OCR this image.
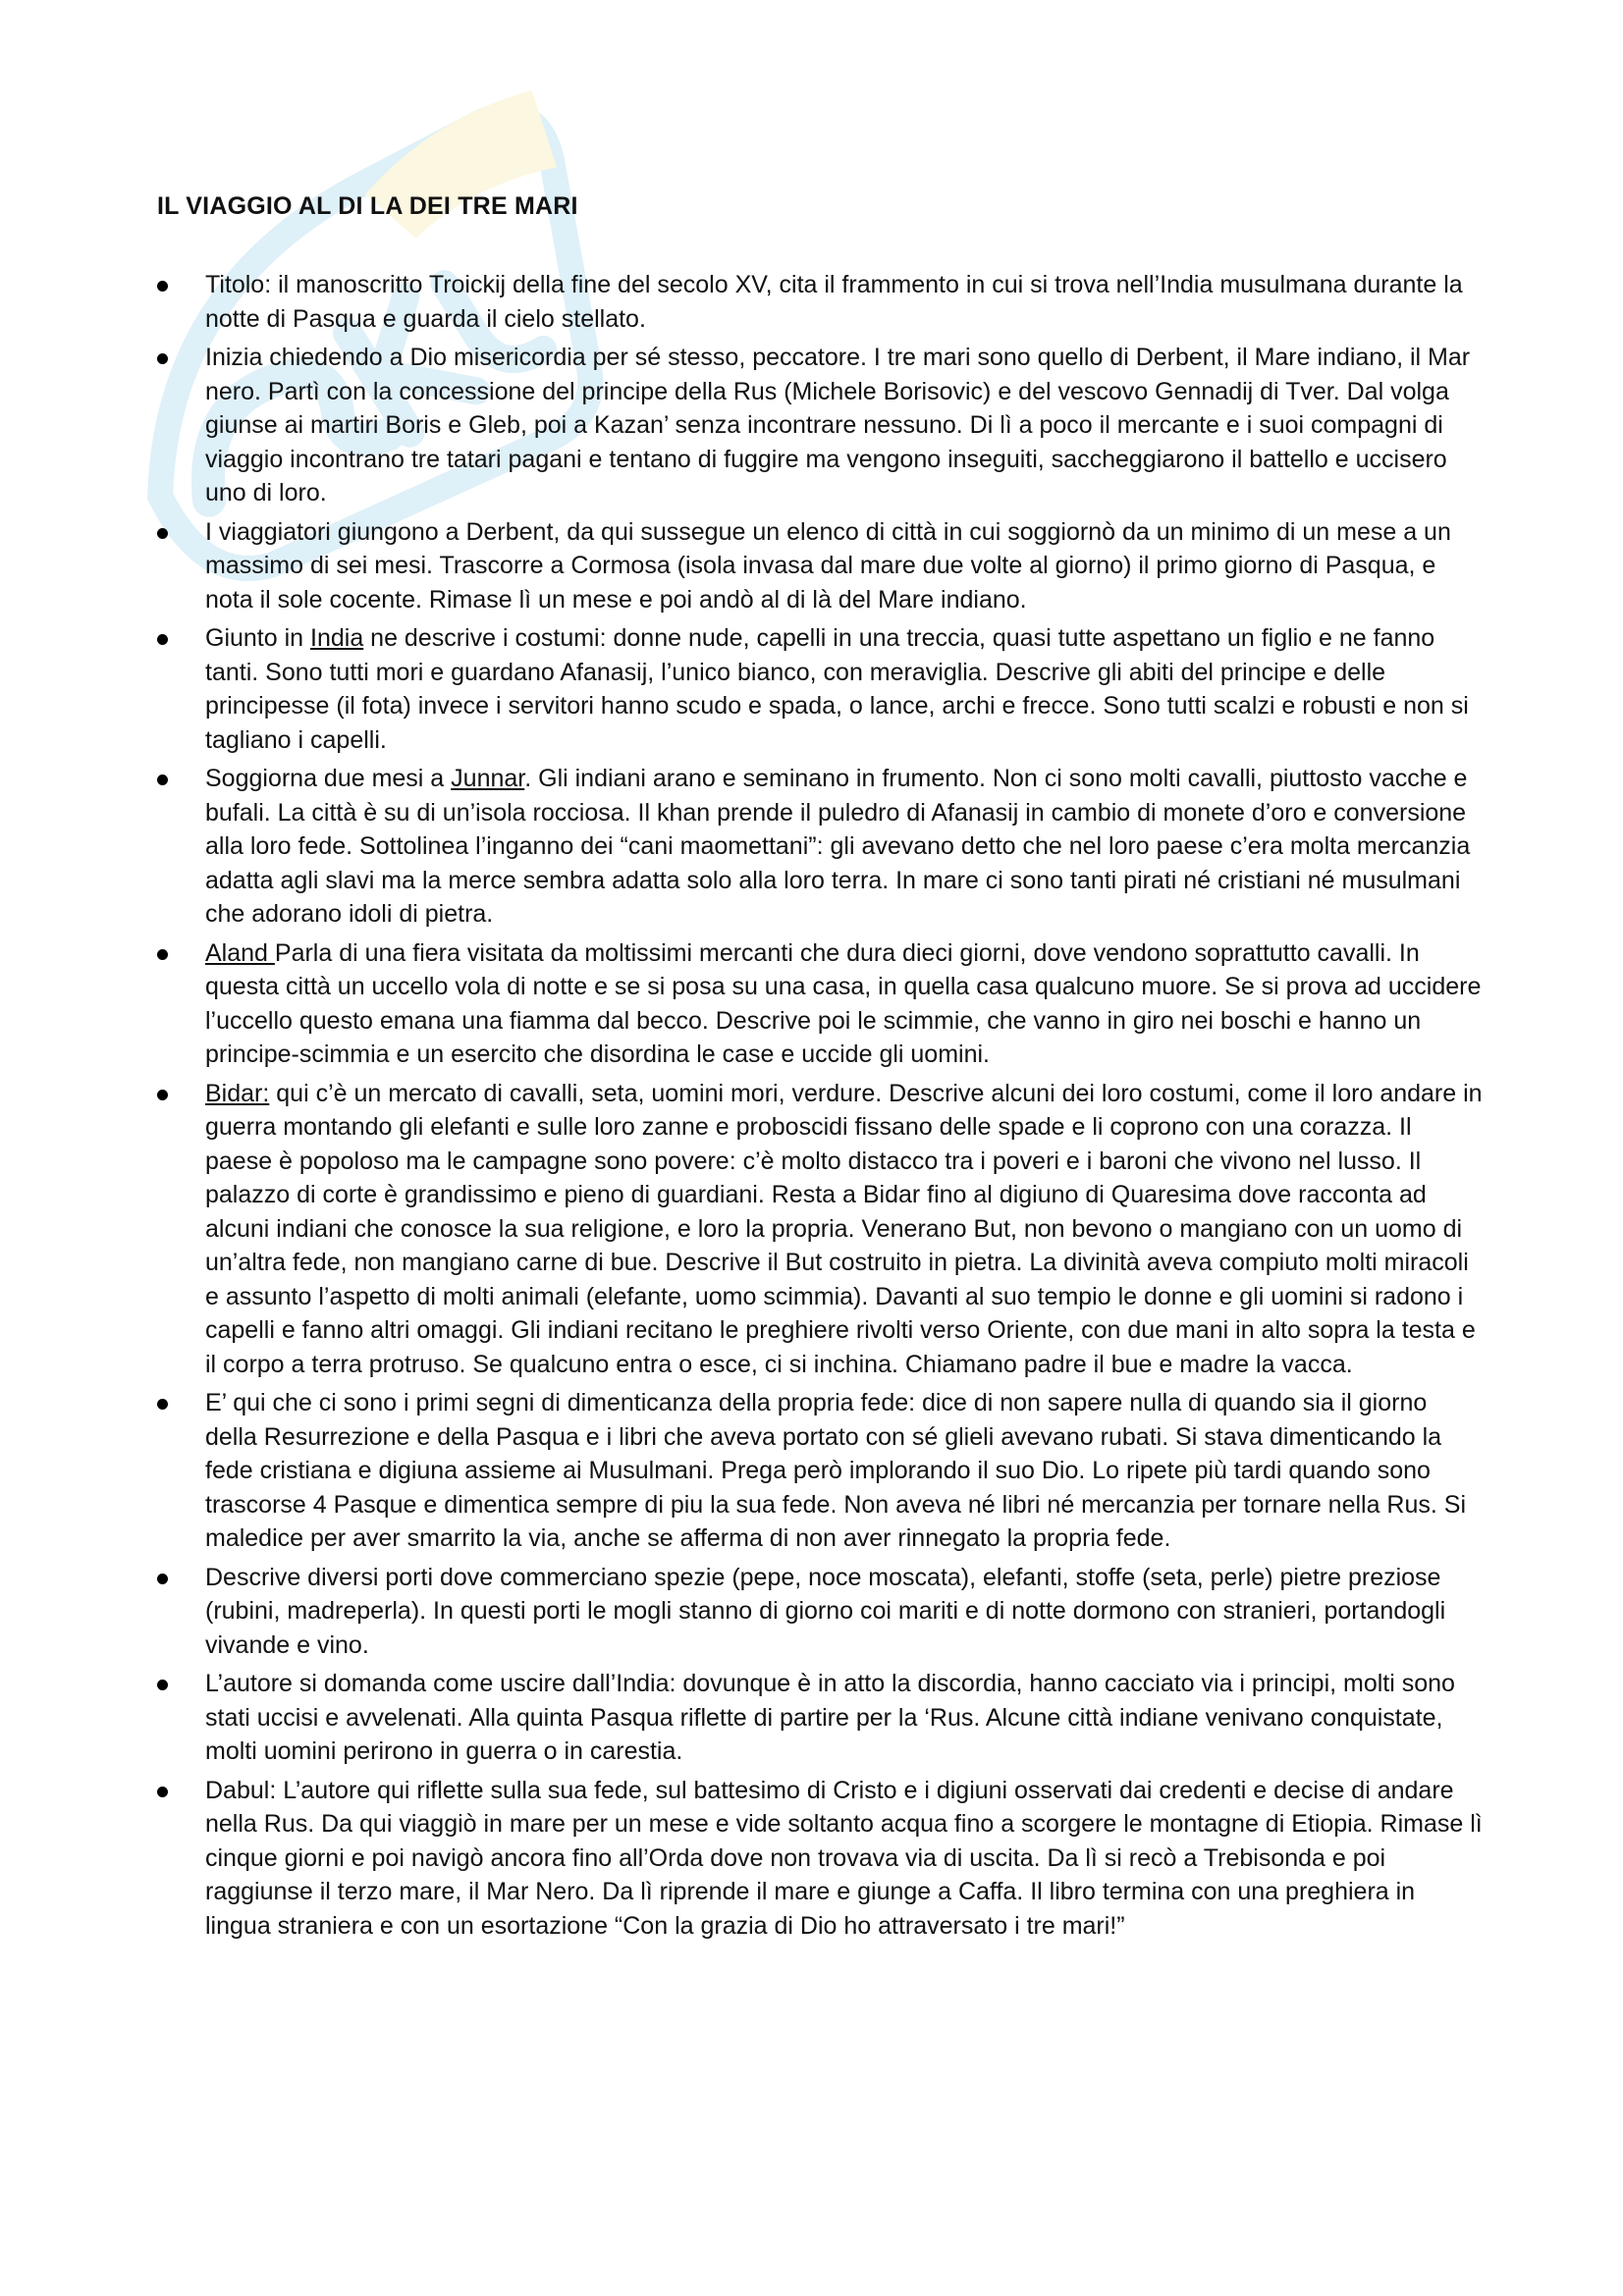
IL VIAGGIO AL DI LA DEI TRE MARI
Titolo: il manoscritto Troickij della fine del secolo XV, cita il frammento in cui si trova nell’India musulmana durante la notte di Pasqua e guarda il cielo stellato.
Inizia chiedendo a Dio misericordia per sé stesso, peccatore. I tre mari sono quello di Derbent, il Mare indiano, il Mar nero. Partì con la concessione del principe della Rus (Michele Borisovic) e del vescovo Gennadij di Tver. Dal volga giunse ai martiri Boris e Gleb, poi a Kazan’ senza incontrare nessuno. Di lì a poco il mercante e i suoi compagni di viaggio incontrano tre tatari pagani e tentano di fuggire ma vengono inseguiti, saccheggiarono il battello e uccisero uno di loro.
I viaggiatori giungono a Derbent, da qui sussegue un elenco di città in cui soggiornò da un minimo di un mese a un massimo di sei mesi. Trascorre a Cormosa (isola invasa dal mare due volte al giorno) il primo giorno di Pasqua, e nota il sole cocente. Rimase lì un mese e poi andò al di là del Mare indiano.
Giunto in India ne descrive i costumi: donne nude, capelli in una treccia, quasi tutte aspettano un figlio e ne fanno tanti. Sono tutti mori e guardano Afanasij, l’unico bianco, con meraviglia. Descrive gli abiti del principe e delle principesse (il fota) invece i servitori hanno scudo e spada, o lance, archi e frecce. Sono tutti scalzi e robusti e non si tagliano i capelli.
Soggiorna due mesi a Junnar. Gli indiani arano e seminano in frumento. Non ci sono molti cavalli, piuttosto vacche e bufali. La città è su di un’isola rocciosa. Il khan prende il puledro di Afanasij in cambio di monete d’oro e conversione alla loro fede. Sottolinea l’inganno dei “cani maomettani”: gli avevano detto che nel loro paese c’era molta mercanzia adatta agli slavi ma la merce sembra adatta solo alla loro terra. In mare ci sono tanti pirati né cristiani né musulmani che adorano idoli di pietra.
Aland Parla di una fiera visitata da moltissimi mercanti che dura dieci giorni, dove vendono soprattutto cavalli. In questa città un uccello vola di notte e se si posa su una casa, in quella casa qualcuno muore. Se si prova ad uccidere l’uccello questo emana una fiamma dal becco. Descrive poi le scimmie, che vanno in giro nei boschi e hanno un principe-scimmia e un esercito che disordina le case e uccide gli uomini.
Bidar: qui c’è un mercato di cavalli, seta, uomini mori, verdure. Descrive alcuni dei loro costumi, come il loro andare in guerra montando gli elefanti e sulle loro zanne e proboscidi fissano delle spade e li coprono con una corazza. Il paese è popoloso ma le campagne sono povere: c’è molto distacco tra i poveri e i baroni che vivono nel lusso. Il palazzo di corte è grandissimo e pieno di guardiani. Resta a Bidar fino al digiuno di Quaresima dove racconta ad alcuni indiani che conosce la sua religione, e loro la propria. Venerano But, non bevono o mangiano con un uomo di un’altra fede, non mangiano carne di bue. Descrive il But costruito in pietra. La divinità aveva compiuto molti miracoli e assunto l’aspetto di molti animali (elefante, uomo scimmia). Davanti al suo tempio le donne e gli uomini si radono i capelli e fanno altri omaggi. Gli indiani recitano le preghiere rivolti verso Oriente, con due mani in alto sopra la testa e il corpo a terra protruso. Se qualcuno entra o esce, ci si inchina. Chiamano padre il bue e madre la vacca.
E’ qui che ci sono i primi segni di dimenticanza della propria fede: dice di non sapere nulla di quando sia il giorno della Resurrezione e della Pasqua e i libri che aveva portato con sé glieli avevano rubati. Si stava dimenticando la fede cristiana e digiuna assieme ai Musulmani. Prega però implorando il suo Dio. Lo ripete più tardi quando sono trascorse 4 Pasque e dimentica sempre di piu la sua fede. Non aveva né libri né mercanzia per tornare nella Rus. Si maledice per aver smarrito la via, anche se afferma di non aver rinnegato la propria fede.
Descrive diversi porti dove commerciano spezie (pepe, noce moscata), elefanti, stoffe (seta, perle) pietre preziose (rubini, madreperla). In questi porti le mogli stanno di giorno coi mariti e di notte dormono con stranieri, portandogli vivande e vino.
L’autore si domanda come uscire dall’India: dovunque è in atto la discordia, hanno cacciato via i principi, molti sono stati uccisi e avvelenati. Alla quinta Pasqua riflette di partire per la ‘Rus. Alcune città indiane venivano conquistate, molti uomini perirono in guerra o in carestia.
Dabul: L’autore qui riflette sulla sua fede, sul battesimo di Cristo e i digiuni osservati dai credenti e decise di andare nella Rus. Da qui viaggiò in mare per un mese e vide soltanto acqua fino a scorgere le montagne di Etiopia. Rimase lì cinque giorni e poi navigò ancora fino all’Orda dove non trovava via di uscita. Da lì si recò a Trebisonda e poi raggiunse il terzo mare, il Mar Nero. Da lì riprende il mare e giunge a Caffa. Il libro termina con una preghiera in lingua straniera e con un esortazione “Con la grazia di Dio ho attraversato i tre mari!”
